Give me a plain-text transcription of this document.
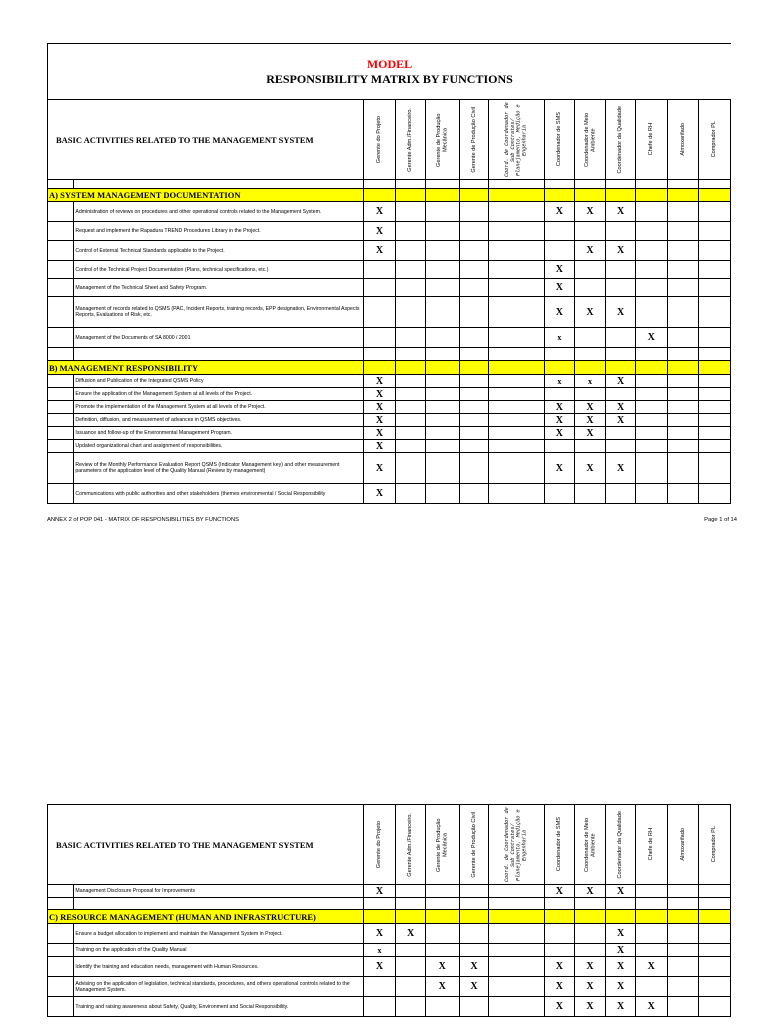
MODEL
RESPONSIBILITY MATRIX BY FUNCTIONS
BASIC ACTIVITIES RELATED TO THE MANAGEMENT SYSTEM		Gerente do Projeto	Gerente Adm./Financeiro.	Gerente de Produção Mecânica	Gerente de Produção Civil	Coord. de Coordenador de Sub Contrates/ Planejamento, Medição e Engenharia	Coordenador de SMS	Coordenador de Meio Ambiente	Coordenador da Qualidade	Chefe de RH	Almoxarifado	Comprador PL

A) SYSTEM MANAGEMENT DOCUMENTATION												
	Administration of reviews on procedures and other operational controls related to the Management System.	X					X	X	X			
	Request and implement the Rapadura TREND Procedures Library in the Project.	X										
	Control of External Technical Standards applicable to the Project.	X						X	X			
	Control of the Technical Project Documentation (Plans, technical specifications, etc.)						X					
	Management of the Technical Sheet and Safety Program.						X					
	Management of records related to QSMS (PAC, Incident Reports, training records, EPP designation, Environmental Aspects Reports, Evaluations of Risk, etc.						X	X	X			
	Management of the Documents of SA 8000 / 2001						x			X		

B) MANAGEMENT RESPONSIBILITY												
	Diffusion and Publication of the Integrated QSMS Policy	X					x	x	X			
	Ensure the application of the Management System at all levels of the Project.	X										
	Promote the implementation of the Management System at all levels of the Project.	X					X	X	X			
	Definition, diffusion, and measurement of advances in QSMS objectives.	X					X	X	X			
	Issuance and follow-up of the Environmental Management Program.	X					X	X				
	Updated organizational chart and assignment of responsibilities.	X										
	Review of the Monthly Performance Evaluation Report QSMS (Indicator Management key) and other measurement parameters of the application level of the Quality Manual (Review by management)	X					X	X	X			
	Communications with public authorities and other stakeholders (themes environmental / Social Responsibility	X										
ANNEX 2 of POP 041 - MATRIX OF RESPONSIBILITIES BY FUNCTIONS	Page 1 of 14
BASIC ACTIVITIES RELATED TO THE MANAGEMENT SYSTEM		Gerente do Projeto	Gerente Adm./Financeiro.	Gerente de Produção Mecânica	Gerente de Produção Civil	Coord. de Coordenador de Sub Contrates/ Planejamento, Medição e Engenharia	Coordenador de SMS	Coordenador de Meio Ambiente	Coordenador da Qualidade	Chefe de RH	Almoxarifado	Comprador PL

	Management Disclosure Proposal for Improvements	X					X	X	X			

C) RESOURCE MANAGEMENT (HUMAN AND INFRASTRUCTURE)												
	Ensure a budget allocation to implement and maintain the Management System in Project.	X	X						X			
	Training on the application of the Quality Manual	x							X			
	Identify the training and education needs, management with Human Resources.	X		X	X		X	X	X	X		
	Advising on the application of legislation, technical standards, procedures, and others operational controls related to the Management System.			X	X		X	X	X			
	Training and raising awareness about Safety, Quality, Environment and Social Responsibility.						X	X	X	X		
